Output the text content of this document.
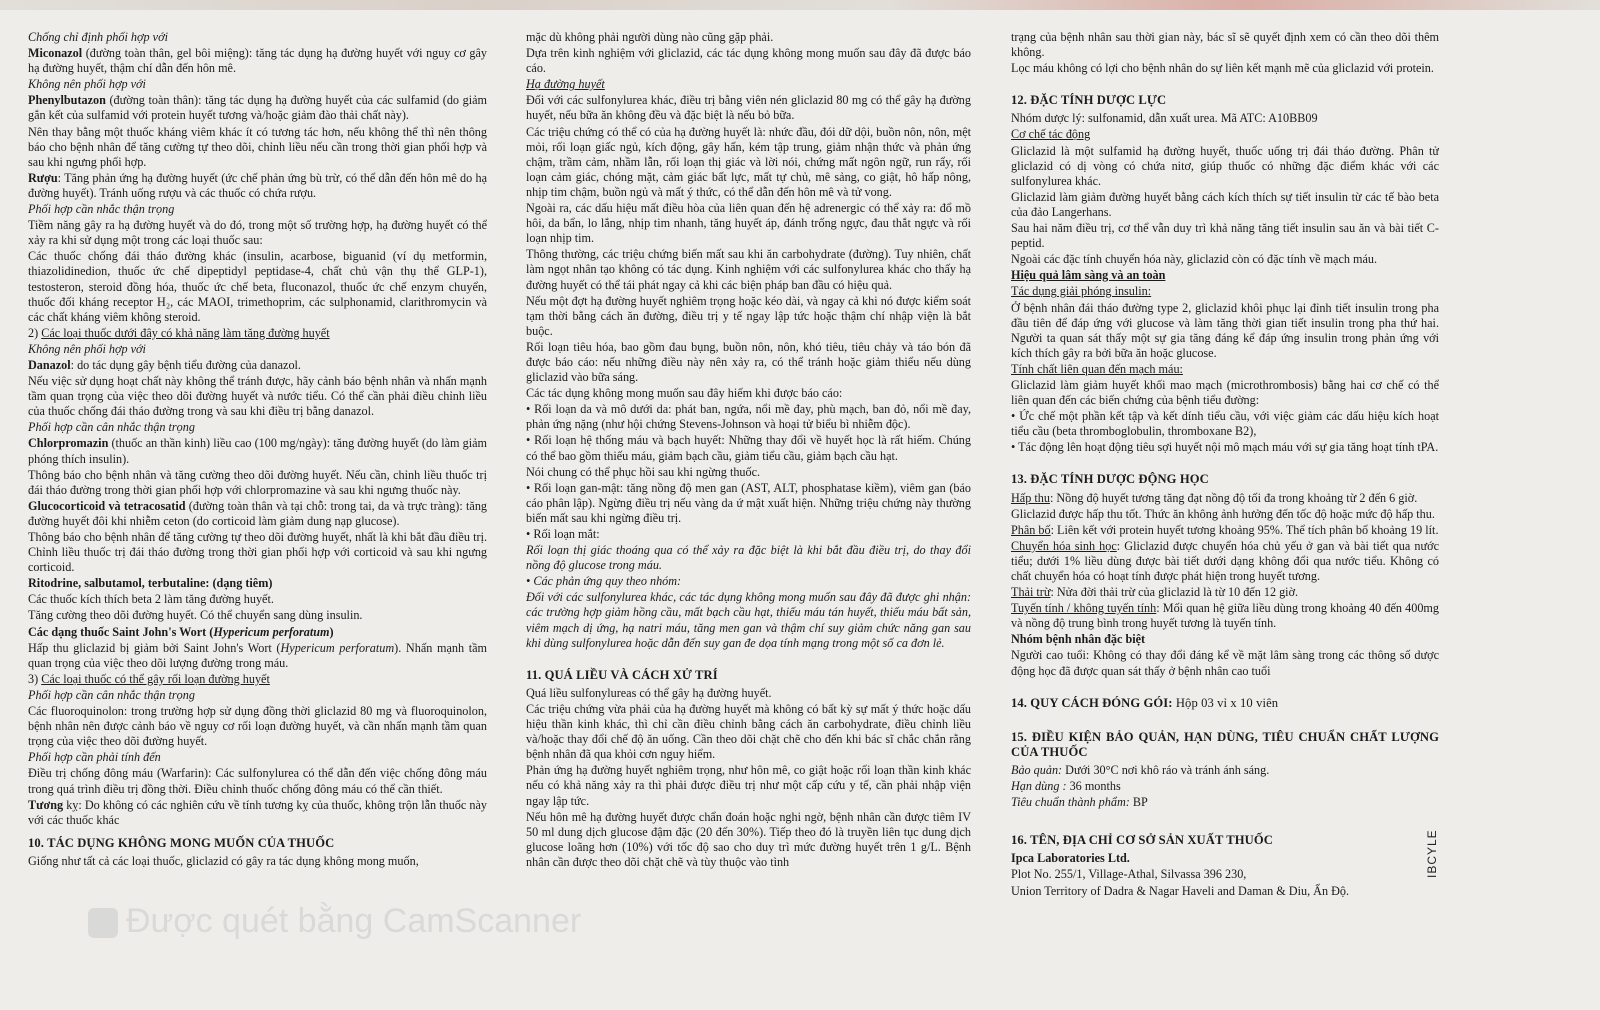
Chống chỉ định phối hợp với

Miconazol (đường toàn thân, gel bôi miệng): tăng tác dụng hạ đường huyết với nguy cơ gây hạ đường huyết, thậm chí dẫn đến hôn mê.

Không nên phối hợp với

Phenylbutazon (đường toàn thân): tăng tác dụng hạ đường huyết của các sulfamid (do giảm gắn kết của sulfamid với protein huyết tương và/hoặc giảm đào thải chất này).

Nên thay bằng một thuốc kháng viêm khác ít có tương tác hơn, nếu không thể thì nên thông báo cho bệnh nhân để tăng cường tự theo dõi, chỉnh liều nếu cần trong thời gian phối hợp và sau khi ngưng phối hợp.

Rượu: Tăng phản ứng hạ đường huyết (ức chế phản ứng bù trừ, có thể dẫn đến hôn mê do hạ đường huyết). Tránh uống rượu và các thuốc có chứa rượu.

Phối hợp cần nhắc thận trọng

Tiềm năng gây ra hạ đường huyết và do đó, trong một số trường hợp, hạ đường huyết có thể xảy ra khi sử dụng một trong các loại thuốc sau:

Các thuốc chống đái tháo đường khác (insulin, acarbose, biguanid (ví dụ metformin, thiazolidinedion, thuốc ức chế dipeptidyl peptidase-4, chất chủ vận thụ thể GLP-1), testosteron, steroid đồng hóa, thuốc ức chế beta, fluconazol, thuốc ức chế enzym chuyển, thuốc đối kháng receptor H₂, các MAOI, trimethoprim, các sulphonamid, clarithromycin và các chất kháng viêm không steroid.

2) Các loại thuốc dưới đây có khả năng làm tăng đường huyết

Không nên phối hợp với

Danazol: do tác dụng gây bệnh tiểu đường của danazol.

Nếu việc sử dụng hoạt chất này không thể tránh được, hãy cảnh báo bệnh nhân và nhấn mạnh tầm quan trọng của việc theo dõi đường huyết và nước tiểu. Có thể cần phải điều chỉnh liều của thuốc chống đái tháo đường trong và sau khi điều trị bằng danazol.

Phối hợp cần cân nhắc thận trọng

Chlorpromazin (thuốc an thần kinh) liều cao (100 mg/ngày): tăng đường huyết (do làm giảm phóng thích insulin).

Thông báo cho bệnh nhân và tăng cường theo dõi đường huyết. Nếu cần, chỉnh liều thuốc trị đái tháo đường trong thời gian phối hợp với chlorpromazine và sau khi ngưng thuốc này.

Glucocorticoid và tetracosatid (đường toàn thân và tại chỗ: trong tai, da và trực tràng): tăng đường huyết đôi khi nhiễm ceton (do corticoid làm giảm dung nạp glucose).

Thông báo cho bệnh nhân để tăng cường tự theo dõi đường huyết, nhất là khi bắt đầu điều trị. Chỉnh liều thuốc trị đái tháo đường trong thời gian phối hợp với corticoid và sau khi ngưng corticoid.

Ritodrine, salbutamol, terbutaline: (dạng tiêm)

Các thuốc kích thích beta 2 làm tăng đường huyết.

Tăng cường theo dõi đường huyết. Có thể chuyển sang dùng insulin.

Các dạng thuốc Saint John's Wort (Hypericum perforatum)

Hấp thu gliclazid bị giảm bởi Saint John's Wort (Hypericum perforatum). Nhấn mạnh tầm quan trọng của việc theo dõi lượng đường trong máu.

3) Các loại thuốc có thể gây rối loạn đường huyết

Phối hợp cần cân nhắc thận trọng

Các fluoroquinolon: trong trường hợp sử dụng đồng thời gliclazid 80 mg và fluoroquinolon, bệnh nhân nên được cảnh báo về nguy cơ rối loạn đường huyết, và cần nhấn mạnh tầm quan trọng của việc theo dõi đường huyết.

Phối hợp cần phải tính đến

Điều trị chống đông máu (Warfarin): Các sulfonylurea có thể dẫn đến việc chống đông máu trong quá trình điều trị đồng thời. Điều chỉnh thuốc chống đông máu có thể cần thiết.

Tương kỵ: Do không có các nghiên cứu về tính tương kỵ của thuốc, không trộn lẫn thuốc này với các thuốc khác

10. TÁC DỤNG KHÔNG MONG MUỐN CỦA THUỐC

Giống như tất cả các loại thuốc, gliclazid có gây ra tác dụng không mong muốn,

mặc dù không phải người dùng nào cũng gặp phải.

Dựa trên kinh nghiệm với gliclazid, các tác dụng không mong muốn sau đây đã được báo cáo.

Hạ đường huyết

Đối với các sulfonylurea khác, điều trị bằng viên nén gliclazid 80 mg có thể gây hạ đường huyết, nếu bữa ăn không đều và đặc biệt là nếu bỏ bữa.

Các triệu chứng có thể có của hạ đường huyết là: nhức đầu, đói dữ dội, buồn nôn, nôn, mệt mỏi, rối loạn giấc ngủ, kích động, gây hấn, kém tập trung, giảm nhận thức và phản ứng chậm, trầm cảm, nhầm lẫn, rối loạn thị giác và lời nói, chứng mất ngôn ngữ, run rẩy, rối loạn cảm giác, chóng mặt, cảm giác bất lực, mất tự chủ, mê sảng, co giật, hô hấp nông, nhịp tim chậm, buồn ngủ và mất ý thức, có thể dẫn đến hôn mê và tử vong.

Ngoài ra, các dấu hiệu mất điều hòa của liên quan đến hệ adrenergic có thể xảy ra: đổ mồ hôi, da bẩn, lo lắng, nhịp tim nhanh, tăng huyết áp, đánh trống ngực, đau thắt ngực và rối loạn nhịp tim.

Thông thường, các triệu chứng biến mất sau khi ăn carbohydrate (đường). Tuy nhiên, chất làm ngọt nhân tạo không có tác dụng. Kinh nghiệm với các sulfonylurea khác cho thấy hạ đường huyết có thể tái phát ngay cả khi các biện pháp ban đầu có hiệu quả.

Nếu một đợt hạ đường huyết nghiêm trọng hoặc kéo dài, và ngay cả khi nó được kiểm soát tạm thời bằng cách ăn đường, điều trị y tế ngay lập tức hoặc thậm chí nhập viện là bắt buộc.

Rối loạn tiêu hóa, bao gồm đau bụng, buồn nôn, nôn, khó tiêu, tiêu chảy và táo bón đã được báo cáo: nếu những điều này nên xảy ra, có thể tránh hoặc giảm thiểu nếu dùng gliclazid vào bữa sáng.

Các tác dụng không mong muốn sau đây hiếm khi được báo cáo:

• Rối loạn da và mô dưới da: phát ban, ngứa, nổi mề đay, phù mạch, ban đỏ, nổi mề đay, phản ứng nặng (như hội chứng Stevens-Johnson và hoại tử biểu bì nhiễm độc).

• Rối loạn hệ thống máu và bạch huyết: Những thay đổi về huyết học là rất hiếm. Chúng có thể bao gồm thiếu máu, giảm bạch cầu, giảm tiểu cầu, giảm bạch cầu hạt.

Nói chung có thể phục hồi sau khi ngừng thuốc.

• Rối loạn gan-mật: tăng nồng độ men gan (AST, ALT, phosphatase kiềm), viêm gan (báo cáo phân lập). Ngừng điều trị nếu vàng da ứ mật xuất hiện. Những triệu chứng này thường biến mất sau khi ngừng điều trị.

• Rối loạn mắt:

Rối loạn thị giác thoáng qua có thể xảy ra đặc biệt là khi bắt đầu điều trị, do thay đổi nồng độ glucose trong máu.

• Các phản ứng quy theo nhóm:

Đối với các sulfonylurea khác, các tác dụng không mong muốn sau đây đã được ghi nhận: các trường hợp giảm hồng cầu, mất bạch cầu hạt, thiếu máu tán huyết, thiếu máu bất sản, viêm mạch dị ứng, hạ natri máu, tăng men gan và thậm chí suy giảm chức năng gan sau khi dùng sulfonylurea hoặc dẫn đến suy gan đe dọa tính mạng trong một số ca đơn lẻ.

11. QUÁ LIỀU VÀ CÁCH XỬ TRÍ

Quá liều sulfonylureas có thể gây hạ đường huyết.

Các triệu chứng vừa phải của hạ đường huyết mà không có bất kỳ sự mất ý thức hoặc dấu hiệu thần kinh khác, thì chỉ cần điều chỉnh bằng cách ăn carbohydrate, điều chỉnh liều và/hoặc thay đổi chế độ ăn uống. Cần theo dõi chặt chẽ cho đến khi bác sĩ chắc chắn rằng bệnh nhân đã qua khỏi cơn nguy hiểm.

Phản ứng hạ đường huyết nghiêm trọng, như hôn mê, co giật hoặc rối loạn thần kinh khác nếu có khả năng xảy ra thì phải được điều trị như một cấp cứu y tế, cần phải nhập viện ngay lập tức.

Nếu hôn mê hạ đường huyết được chẩn đoán hoặc nghi ngờ, bệnh nhân cần được tiêm IV 50 ml dung dịch glucose đậm đặc (20 đến 30%). Tiếp theo đó là truyền liên tục dung dịch glucose loãng hơn (10%) với tốc độ sao cho duy trì mức đường huyết trên 1 g/L. Bệnh nhân cần được theo dõi chặt chẽ và tùy thuộc vào tình

trạng của bệnh nhân sau thời gian này, bác sĩ sẽ quyết định xem có cần theo dõi thêm không.

Lọc máu không có lợi cho bệnh nhân do sự liên kết mạnh mẽ của gliclazid với protein.

12. ĐẶC TÍNH DƯỢC LỰC

Nhóm dược lý: sulfonamid, dẫn xuất urea. Mã ATC: A10BB09

Cơ chế tác động

Gliclazid là một sulfamid hạ đường huyết, thuốc uống trị đái tháo đường. Phân tử gliclazid có dị vòng có chứa nitơ, giúp thuốc có những đặc điểm khác với các sulfonylurea khác.

Gliclazid làm giảm đường huyết bằng cách kích thích sự tiết insulin từ các tế bào beta của đảo Langerhans.

Sau hai năm điều trị, cơ thể vẫn duy trì khả năng tăng tiết insulin sau ăn và bài tiết C-peptid.

Ngoài các đặc tính chuyển hóa này, gliclazid còn có đặc tính về mạch máu.

Hiệu quả lâm sàng và an toàn

Tác dụng giải phóng insulin:

Ở bệnh nhân đái tháo đường type 2, gliclazid khôi phục lại đỉnh tiết insulin trong pha đầu tiên để đáp ứng với glucose và làm tăng thời gian tiết insulin trong pha thứ hai. Người ta quan sát thấy một sự gia tăng đáng kể đáp ứng insulin trong phản ứng với kích thích gây ra bởi bữa ăn hoặc glucose.

Tính chất liên quan đến mạch máu:

Gliclazid làm giảm huyết khối mao mạch (microthrombosis) bằng hai cơ chế có thể liên quan đến các biến chứng của bệnh tiểu đường:

• Ức chế một phần kết tập và kết dính tiểu cầu, với việc giảm các dấu hiệu kích hoạt tiểu cầu (beta thromboglobulin, thromboxane B2),

• Tác động lên hoạt động tiêu sợi huyết nội mô mạch máu với sự gia tăng hoạt tính tPA.

13. ĐẶC TÍNH DƯỢC ĐỘNG HỌC

Hấp thu: Nồng độ huyết tương tăng đạt nồng độ tối đa trong khoảng từ 2 đến 6 giờ.

Gliclazid được hấp thu tốt. Thức ăn không ảnh hưởng đến tốc độ hoặc mức độ hấp thu.

Phân bố: Liên kết với protein huyết tương khoảng 95%. Thể tích phân bố khoảng 19 lít.

Chuyển hóa sinh học: Gliclazid được chuyển hóa chủ yếu ở gan và bài tiết qua nước tiểu; dưới 1% liều dùng được bài tiết dưới dạng không đổi qua nước tiểu. Không có chất chuyển hóa có hoạt tính được phát hiện trong huyết tương.

Thải trừ: Nửa đời thải trừ của gliclazid là từ 10 đến 12 giờ.

Tuyến tính / không tuyến tính: Mối quan hệ giữa liều dùng trong khoảng 40 đến 400mg và nồng độ trung bình trong huyết tương là tuyến tính.

Nhóm bệnh nhân đặc biệt

Người cao tuổi: Không có thay đổi đáng kể về mặt lâm sàng trong các thông số dược động học đã được quan sát thấy ở bệnh nhân cao tuổi

14. QUY CÁCH ĐÓNG GÓI: Hộp 03 vỉ x 10 viên

15. ĐIỀU KIỆN BẢO QUẢN, HẠN DÙNG, TIÊU CHUẨN CHẤT LƯỢNG CỦA THUỐC

Bảo quản: Dưới 30°C nơi khô ráo và tránh ánh sáng.

Hạn dùng : 36 months

Tiêu chuẩn thành phẩm: BP

16. TÊN, ĐỊA CHỈ CƠ SỞ SẢN XUẤT THUỐC

Ipca Laboratories Ltd.

Plot No. 255/1, Village-Athal, Silvassa 396 230,

Union Territory of Dadra & Nagar Haveli and Daman & Diu, Ấn Độ.

IBCYLE
Được quét bằng CamScanner
